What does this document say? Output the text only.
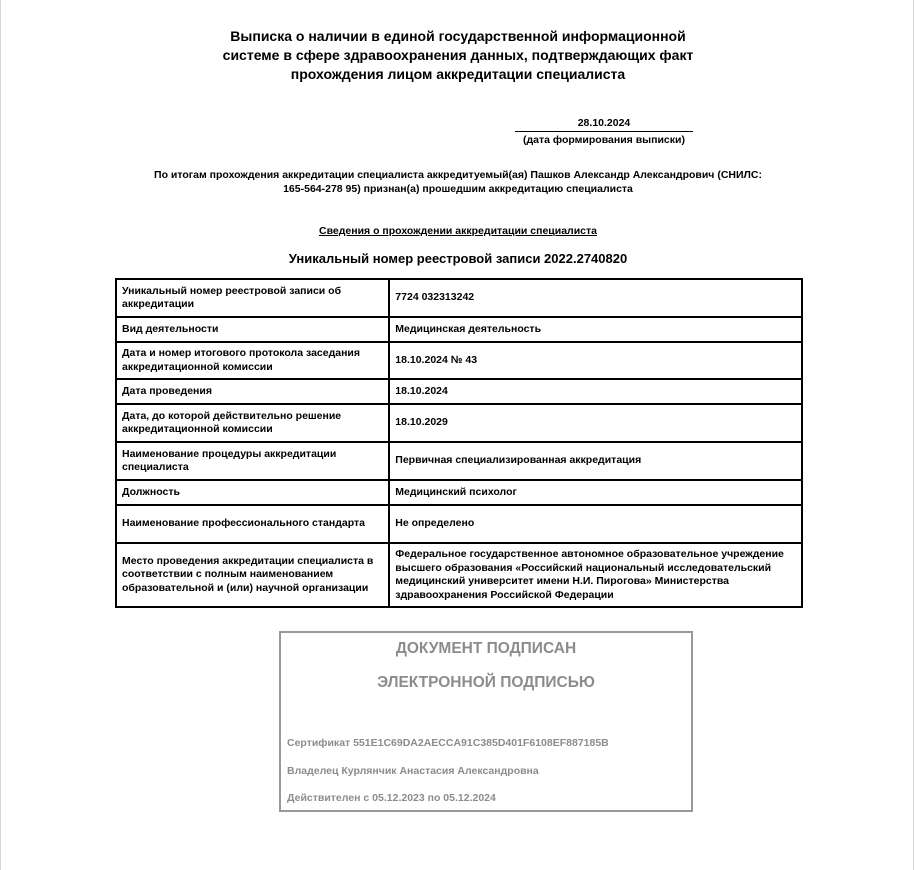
Выписка о наличии в единой государственной информационной
системе в сфере здравоохранения данных, подтверждающих факт
прохождения лицом аккредитации специалиста
28.10.2024
(дата формирования выписки)
По итогам прохождения аккредитации специалиста аккредитуемый(ая) Пашков Александр Александрович (СНИЛС:
165-564-278 95) признан(а) прошедшим аккредитацию специалиста
Сведения о прохождении аккредитации специалиста
Уникальный номер реестровой записи 2022.2740820
Уникальный номер реестровой записи об аккредитации	7724 032313242
Вид деятельности	Медицинская деятельность
Дата и номер итогового протокола заседания аккредитационной комиссии	18.10.2024 № 43
Дата проведения	18.10.2024
Дата, до которой действительно решение аккредитационной комиссии	18.10.2029
Наименование процедуры аккредитации специалиста	Первичная специализированная аккредитация
Должность	Медицинский психолог
Наименование профессионального стандарта	Не определено
Место проведения аккредитации специалиста в соответствии с полным наименованием образовательной и (или) научной организации	Федеральное государственное автономное образовательное учреждение высшего образования «Российский национальный исследовательский медицинский университет имени Н.И. Пирогова» Министерства здравоохранения Российской Федерации
ДОКУМЕНТ ПОДПИСАН
ЭЛЕКТРОННОЙ ПОДПИСЬЮ
Сертификат 551E1C69DA2AECCA91C385D401F6108EF887185B
Владелец Курлянчик Анастасия Александровна
Действителен с 05.12.2023 по 05.12.2024
